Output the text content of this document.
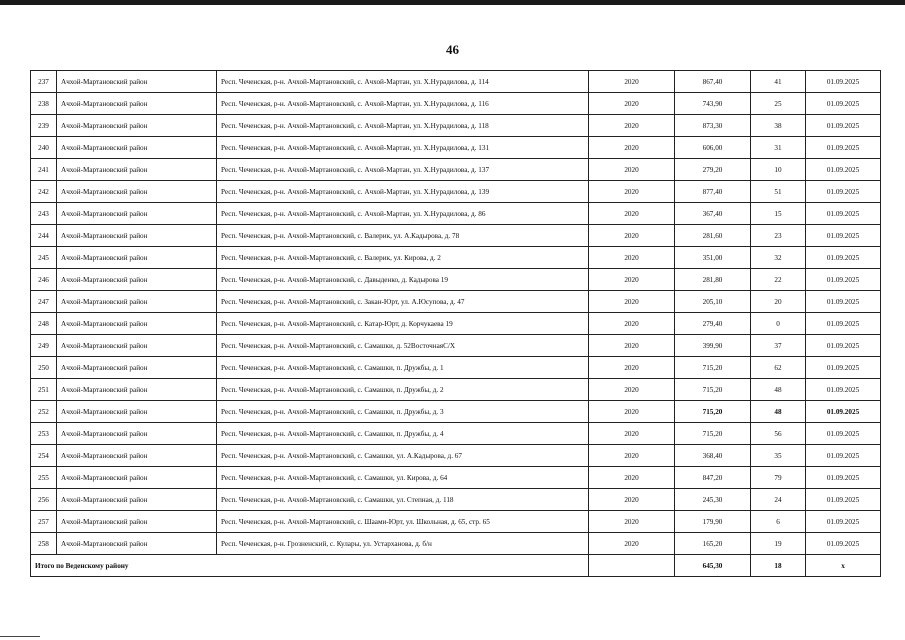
46
237	Ачхой-Мартановский район	Респ. Чеченская, р-н. Ачхой-Мартановский, с. Ачхой-Мартан, ул. Х.Нурадилова, д. 114	2020	867,40	41	01.09.2025
238	Ачхой-Мартановский район	Респ. Чеченская, р-н. Ачхой-Мартановский, с. Ачхой-Мартан, ул. Х.Нурадилова, д. 116	2020	743,90	25	01.09.2025
239	Ачхой-Мартановский район	Респ. Чеченская, р-н. Ачхой-Мартановский, с. Ачхой-Мартан, ул. Х.Нурадилова, д. 118	2020	873,30	38	01.09.2025
240	Ачхой-Мартановский район	Респ. Чеченская, р-н. Ачхой-Мартановский, с. Ачхой-Мартан, ул. Х.Нурадилова, д. 131	2020	606,00	31	01.09.2025
241	Ачхой-Мартановский район	Респ. Чеченская, р-н. Ачхой-Мартановский, с. Ачхой-Мартан, ул. Х.Нурадилова, д. 137	2020	279,20	10	01.09.2025
242	Ачхой-Мартановский район	Респ. Чеченская, р-н. Ачхой-Мартановский, с. Ачхой-Мартан, ул. Х.Нурадилова, д. 139	2020	877,40	51	01.09.2025
243	Ачхой-Мартановский район	Респ. Чеченская, р-н. Ачхой-Мартановский, с. Ачхой-Мартан, ул. Х.Нурадилова, д. 86	2020	367,40	15	01.09.2025
244	Ачхой-Мартановский район	Респ. Чеченская, р-н. Ачхой-Мартановский, с. Валерик, ул. А.Кадырова, д. 78	2020	281,60	23	01.09.2025
245	Ачхой-Мартановский район	Респ. Чеченская, р-н. Ачхой-Мартановский, с. Валерик, ул. Кирова, д. 2	2020	351,00	32	01.09.2025
246	Ачхой-Мартановский район	Респ. Чеченская, р-н. Ачхой-Мартановский, с. Давыденко, д. Кадырова 19	2020	281,80	22	01.09.2025
247	Ачхой-Мартановский район	Респ. Чеченская, р-н. Ачхой-Мартановский, с. Закан-Юрт, ул. А.Юсупова, д. 47	2020	205,10	20	01.09.2025
248	Ачхой-Мартановский район	Респ. Чеченская, р-н. Ачхой-Мартановский, с. Катар-Юрт, д. Корчукаева 19	2020	279,40	0	01.09.2025
249	Ачхой-Мартановский район	Респ. Чеченская, р-н. Ачхой-Мартановский, с. Самашки, д. 52ВосточнаяС/Х	2020	399,90	37	01.09.2025
250	Ачхой-Мартановский район	Респ. Чеченская, р-н. Ачхой-Мартановский, с. Самашки, п. Дружбы, д. 1	2020	715,20	62	01.09.2025
251	Ачхой-Мартановский район	Респ. Чеченская, р-н. Ачхой-Мартановский, с. Самашки, п. Дружбы, д. 2	2020	715,20	48	01.09.2025
252	Ачхой-Мартановский район	Респ. Чеченская, р-н. Ачхой-Мартановский, с. Самашки, п. Дружбы, д. 3	2020	715,20	48	01.09.2025
253	Ачхой-Мартановский район	Респ. Чеченская, р-н. Ачхой-Мартановский, с. Самашки, п. Дружбы, д. 4	2020	715,20	56	01.09.2025
254	Ачхой-Мартановский район	Респ. Чеченская, р-н. Ачхой-Мартановский, с. Самашки, ул. А.Кадырова, д. 67	2020	368,40	35	01.09.2025
255	Ачхой-Мартановский район	Респ. Чеченская, р-н. Ачхой-Мартановский, с. Самашки, ул. Кирова, д. 64	2020	847,20	79	01.09.2025
256	Ачхой-Мартановский район	Респ. Чеченская, р-н. Ачхой-Мартановский, с. Самашки, ул. Степная, д. 118	2020	245,30	24	01.09.2025
257	Ачхой-Мартановский район	Респ. Чеченская, р-н. Ачхой-Мартановский, с. Шаами-Юрт, ул. Школьная, д. 65, стр. 65	2020	179,90	6	01.09.2025
258	Ачхой-Мартановский район	Респ. Чеченская, р-н. Грозненский, с. Кулары, ул. Устарханова, д. б/н	2020	165,20	19	01.09.2025
Итого по Веденскому району				645,30	18	x
